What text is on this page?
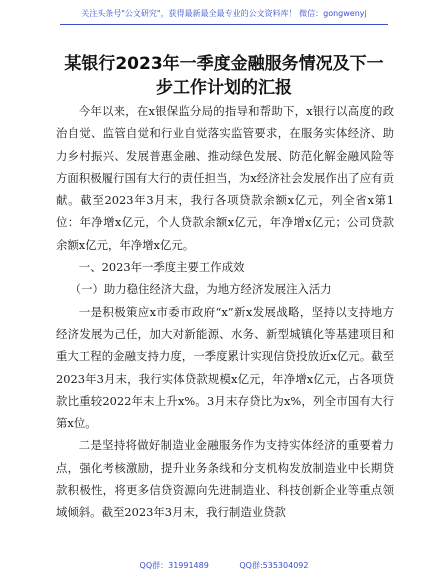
关注头条号"公文研究"，获得最新最全最专业的公文资料库！ 微信：gongwenyj
某银行2023年一季度金融服务情况及下一步工作计划的汇报

今年以来，在x银保监分局的指导和帮助下，x银行以高度的政治自觉、监管自觉和行业自觉落实监管要求，在服务实体经济、助力乡村振兴、发展普惠金融、推动绿色发展、防范化解金融风险等方面积极履行国有大行的责任担当，为x经济社会发展作出了应有贡献。截至2023年3月末，我行各项贷款余额x亿元，列全省x第1位：年净增x亿元，个人贷款余额x亿元，年净增x亿元；公司贷款余额x亿元，年净增x亿元。

一、2023年一季度主要工作成效

（一）助力稳住经济大盘，为地方经济发展注入活力

一是积极策应x市委市政府“x”新x发展战略，坚持以支持地方经济发展为己任，加大对新能源、水务、新型城镇化等基建项目和重大工程的金融支持力度，一季度累计实现信贷投放近x亿元。截至2023年3月末，我行实体贷款规模x亿元，年净增x亿元，占各项贷款比重较2022年末上升x%。3月末存贷比为x%，列全市国有大行第x位。

二是坚持将做好制造业金融服务作为支持实体经济的重要着力点，强化考核激励，提升业务条线和分支机构发放制造业中长期贷款积极性，将更多信贷资源向先进制造业、科技创新企业等重点领域倾斜。截至2023年3月末，我行制造业贷款

QQ群：31991489	QQ群:535304092
